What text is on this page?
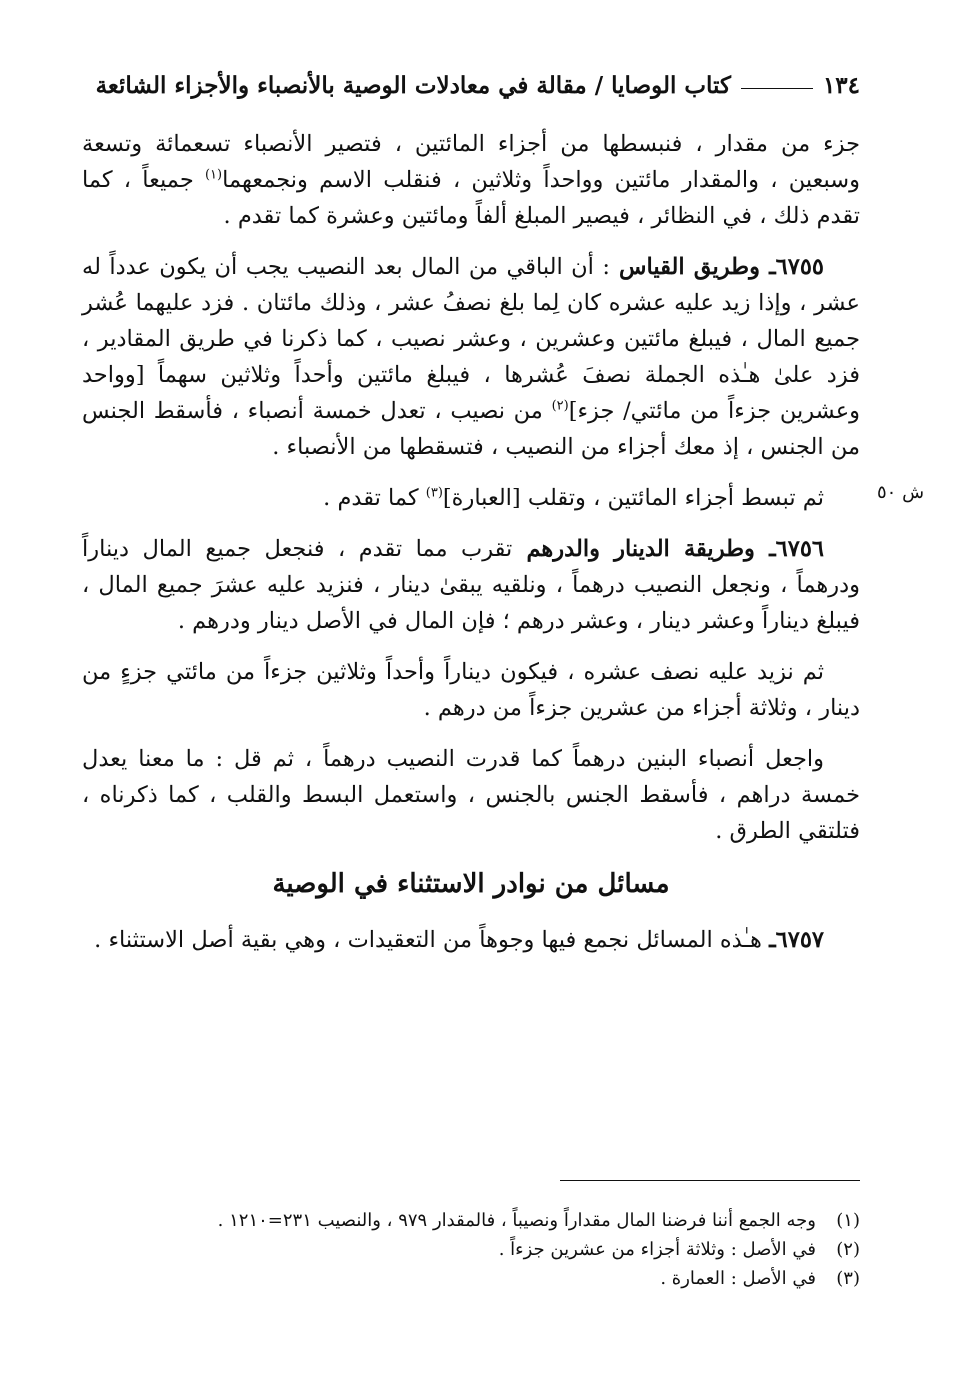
١٣٤
كتاب الوصايا / مقالة في معادلات الوصية بالأنصباء والأجزاء الشائعة
ش ٥٠

جزء من مقدار ، فنبسطها من أجزاء المائتين ، فتصير الأنصباء تسعمائة وتسعة وسبعين ، والمقدار مائتين وواحداً وثلاثين ، فنقلب الاسم ونجمعهما$^{(١)}$ جميعاً ، كما تقدم ذلك ، في النظائر ، فيصير المبلغ ألفاً ومائتين وعشرة كما تقدم .

٦٧٥٥ـ وطريق القياس : أن الباقي من المال بعد النصيب يجب أن يكون عدداً له عشر ، وإذا زيد عليه عشره كان لِما بلغ نصفُ عشر ، وذلك مائتان . فزد عليهما عُشر جميع المال ، فيبلغ مائتين وعشرين ، وعشر نصيب ، كما ذكرنا في طريق المقادير ، فزد علىٰ هـٰذه الجملة نصفَ عُشرها ، فيبلغ مائتين وأحداً وثلاثين سهماً [وواحد وعشرين جزءاً من مائتي/ جزء]$^{(٢)}$ من نصيب ، تعدل خمسة أنصباء ، فأسقط الجنس من الجنس ، إذ معك أجزاء من النصيب ، فتسقطها من الأنصباء .

ثم تبسط أجزاء المائتين ، وتقلب [العبارة]$^{(٣)}$ كما تقدم .

٦٧٥٦ـ وطريقة الدينار والدرهم تقرب مما تقدم ، فنجعل جميع المال ديناراً ودرهماً ، ونجعل النصيب درهماً ، ونلقيه يبقىٰ دينار ، فنزيد عليه عشرَ جميع المال ، فيبلغ ديناراً وعشر دينار ، وعشر درهم ؛ فإن المال في الأصل دينار ودرهم .

ثم نزيد عليه نصف عشره ، فيكون ديناراً وأحداً وثلاثين جزءاً من مائتي جزءٍ من دينار ، وثلاثة أجزاء من عشرين جزءاً من درهم .

واجعل أنصباء البنين درهماً كما قدرت النصيب درهماً ، ثم قل : ما معنا يعدل خمسة دراهم ، فأسقط الجنس بالجنس ، واستعمل البسط والقلب ، كما ذكرناه ، فتلتقي الطرق .

مسائل من نوادر الاستثناء في الوصية

٦٧٥٧ـ هـٰذه المسائل نجمع فيها وجوهاً من التعقيدات ، وهي بقية أصل الاستثناء .

(١)
وجه الجمع أننا فرضنا المال مقداراً ونصيباً ، فالمقدار ٩٧٩ ، والنصيب ٢٣١=١٢١٠ .
(٢)
في الأصل : وثلاثة أجزاء من عشرين جزءاً .
(٣)
في الأصل : العمارة .
